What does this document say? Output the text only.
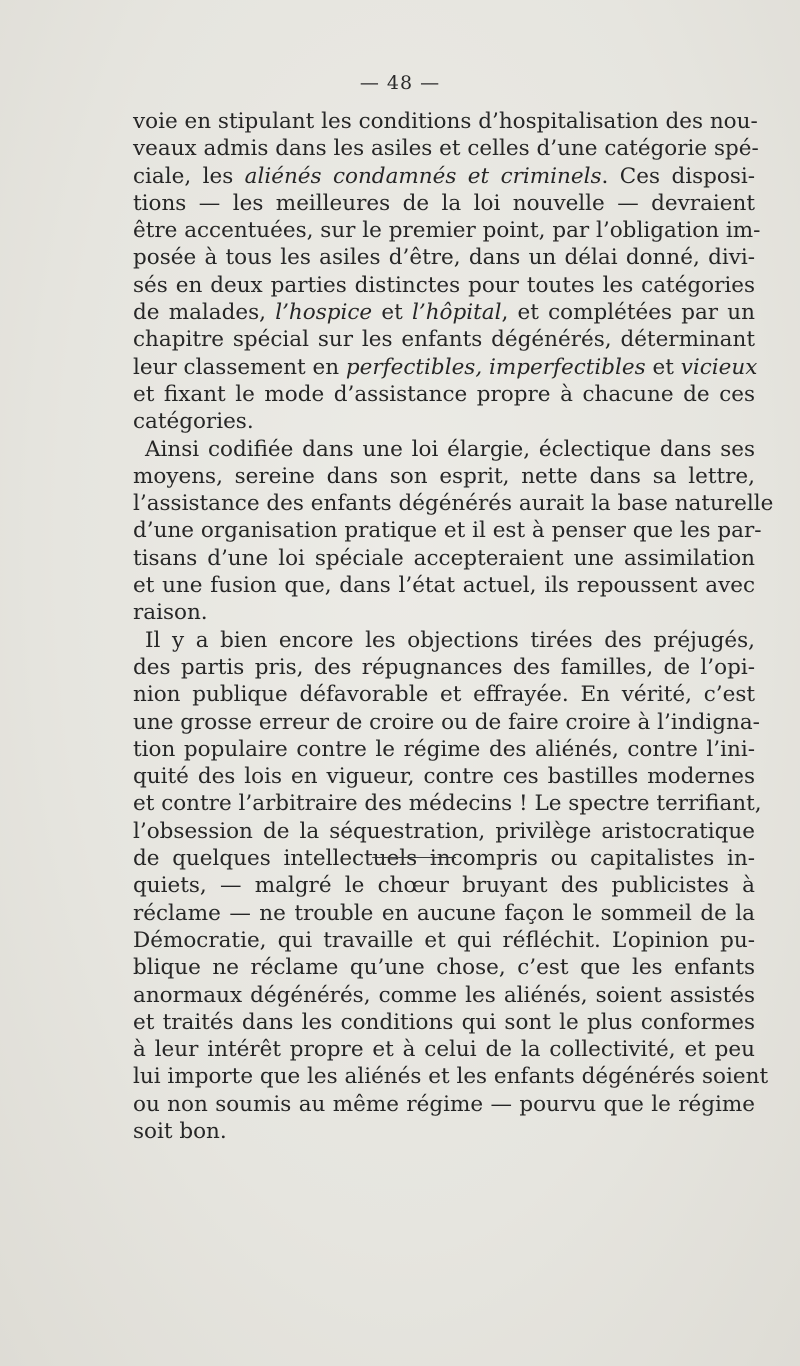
— 48 —
voie en stipulant les conditions d’hospitalisation des nou-
veaux admis dans les asiles et celles d’une catégorie spé-
ciale, les aliénés condamnés et criminels. Ces disposi-
tions — les meilleures de la loi nouvelle — devraient
être accentuées, sur le premier point, par l’obligation im-
posée à tous les asiles d’être, dans un délai donné, divi-
sés en deux parties distinctes pour toutes les catégories
de malades, l’hospice et l’hôpital, et complétées par un
chapitre spécial sur les enfants dégénérés, déterminant
leur classement en perfectibles, imperfectibles et vicieux
et fixant le mode d’assistance propre à chacune de ces
catégories.
Ainsi codifiée dans une loi élargie, éclectique dans ses
moyens, sereine dans son esprit, nette dans sa lettre,
l’assistance des enfants dégénérés aurait la base naturelle
d’une organisation pratique et il est à penser que les par-
tisans d’une loi spéciale accepteraient une assimilation
et une fusion que, dans l’état actuel, ils repoussent avec
raison.
Il y a bien encore les objections tirées des préjugés,
des partis pris, des répugnances des familles, de l’opi-
nion publique défavorable et effrayée. En vérité, c’est
une grosse erreur de croire ou de faire croire à l’indigna-
tion populaire contre le régime des aliénés, contre l’ini-
quité des lois en vigueur, contre ces bastilles modernes
et contre l’arbitraire des médecins ! Le spectre terrifiant,
l’obsession de la séquestration, privilège aristocratique
de quelques intellectuels incompris ou capitalistes in-
quiets, — malgré le chœur bruyant des publicistes à
réclame — ne trouble en aucune façon le sommeil de la
Démocratie, qui travaille et qui réfléchit. L’opinion pu-
blique ne réclame qu’une chose, c’est que les enfants
anormaux dégénérés, comme les aliénés, soient assistés
et traités dans les conditions qui sont le plus conformes
à leur intérêt propre et à celui de la collectivité, et peu
lui importe que les aliénés et les enfants dégénérés soient
ou non soumis au même régime — pourvu que le régime
soit bon.
